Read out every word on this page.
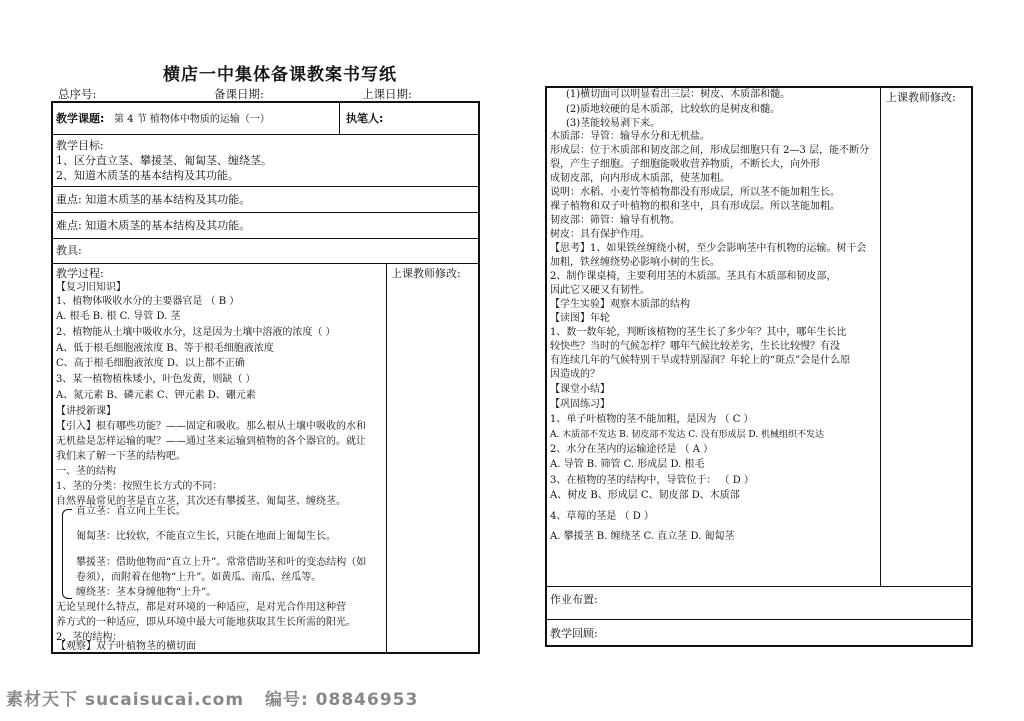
横店一中集体备课教案书写纸
总序号:	备课日期:	上课日期:
教学课题: 第 4 节 植物体中物质的运输（一）	执笔人:
教学目标:
1、区分直立茎、攀援茎、匍匐茎、缠绕茎。
2、知道木质茎的基本结构及其功能。
重点: 知道木质茎的基本结构及其功能。
难点: 知道木质茎的基本结构及其功能。
教具:
教学过程:	上课教师修改:
【复习旧知识】
1、植物体吸收水分的主要器官是 （ B ）
A. 根毛 B. 根 C. 导管 D. 茎
2、植物能从土壤中吸收水分，这是因为土壤中溶液的浓度（ ）
A、低于根毛细胞液浓度 B、等于根毛细胞液浓度
C、高于根毛细胞液浓度 D、以上都不正确
3、某一植物植株矮小，叶色发黄，则缺（ ）
A、氮元素 B、磷元素 C、钾元素 D、硼元素
【讲授新课】
【引入】根有哪些功能？——固定和吸收。那么根从土壤中吸收的水和
无机盐是怎样运输的呢？——通过茎来运输到植物的各个器官的。就让
我们来了解一下茎的结构吧。
一、茎的结构
1、茎的分类：按照生长方式的不同：
自然界最常见的茎是直立茎，其次还有攀援茎、匍匐茎、缠绕茎。
直立茎：直立向上生长。
匍匐茎：比较软，不能直立生长，只能在地面上匍匐生长。
攀援茎：借助他物而“直立上升”。常常借助茎和叶的变态结构（如
卷须），而附着在他物“上升”。如黄瓜、南瓜、丝瓜等。
缠绕茎：茎本身缠他物“上升”。
无论呈现什么特点，都是对环境的一种适应，是对光合作用这种营
养方式的一种适应，即从环境中最大可能地获取其生长所需的阳光。
2、茎的结构：
【观察】双子叶植物茎的横切面
上课教师修改:
(1)横切面可以明显看出三层：树皮、木质部和髓。
(2)质地较硬的是木质部，比较软的是树皮和髓。
(3)茎能较易剥下来。
木质部：导管：输导水分和无机盐。
形成层：位于木质部和韧皮部之间，形成层细胞只有 2—3 层，能不断分
裂，产生子细胞。子细胞能吸收营养物质，不断长大，向外形
成韧皮部，向内形成木质部，使茎加粗。
说明：水稻、小麦竹等植物都没有形成层，所以茎不能加粗生长。
裸子植物和双子叶植物的根和茎中，具有形成层。所以茎能加粗。
韧皮部：筛管：输导有机物。
树皮：具有保护作用。
【思考】1、如果铁丝缠绕小树，至少会影响茎中有机物的运输。树干会
加粗，铁丝缠绕势必影响小树的生长。
2、制作课桌椅，主要利用茎的木质部。茎具有木质部和韧皮部，
因此它又硬又有韧性。
【学生实验】观察木质部的结构
【读图】年轮
1、数一数年轮，判断该植物的茎生长了多少年？其中，哪年生长比
较快些？当时的气候怎样？哪年气候比较差劣，生长比较慢？有没
有连续几年的气候特别干旱或特别湿润？年轮上的“斑点”会是什么原
因造成的？
【课堂小结】
【巩固练习】
1、单子叶植物的茎不能加粗，是因为 （ C ）
A. 木质部不发达 B. 韧皮部不发达 C. 没有形成层 D. 机械组织不发达
2、水分在茎内的运输途径是 （ A ）
A. 导管 B. 筛管 C. 形成层 D. 根毛
3、在植物的茎的结构中，导管位于： （ D ）
A、树皮 B、形成层 C、韧皮部 D、木质部
4、草莓的茎是 （ D ）
A. 攀援茎 B. 缠绕茎 C. 直立茎 D. 匍匐茎
作业布置:
教学回顾:
素材天下 sucaisucai.com 编号: 08846953
